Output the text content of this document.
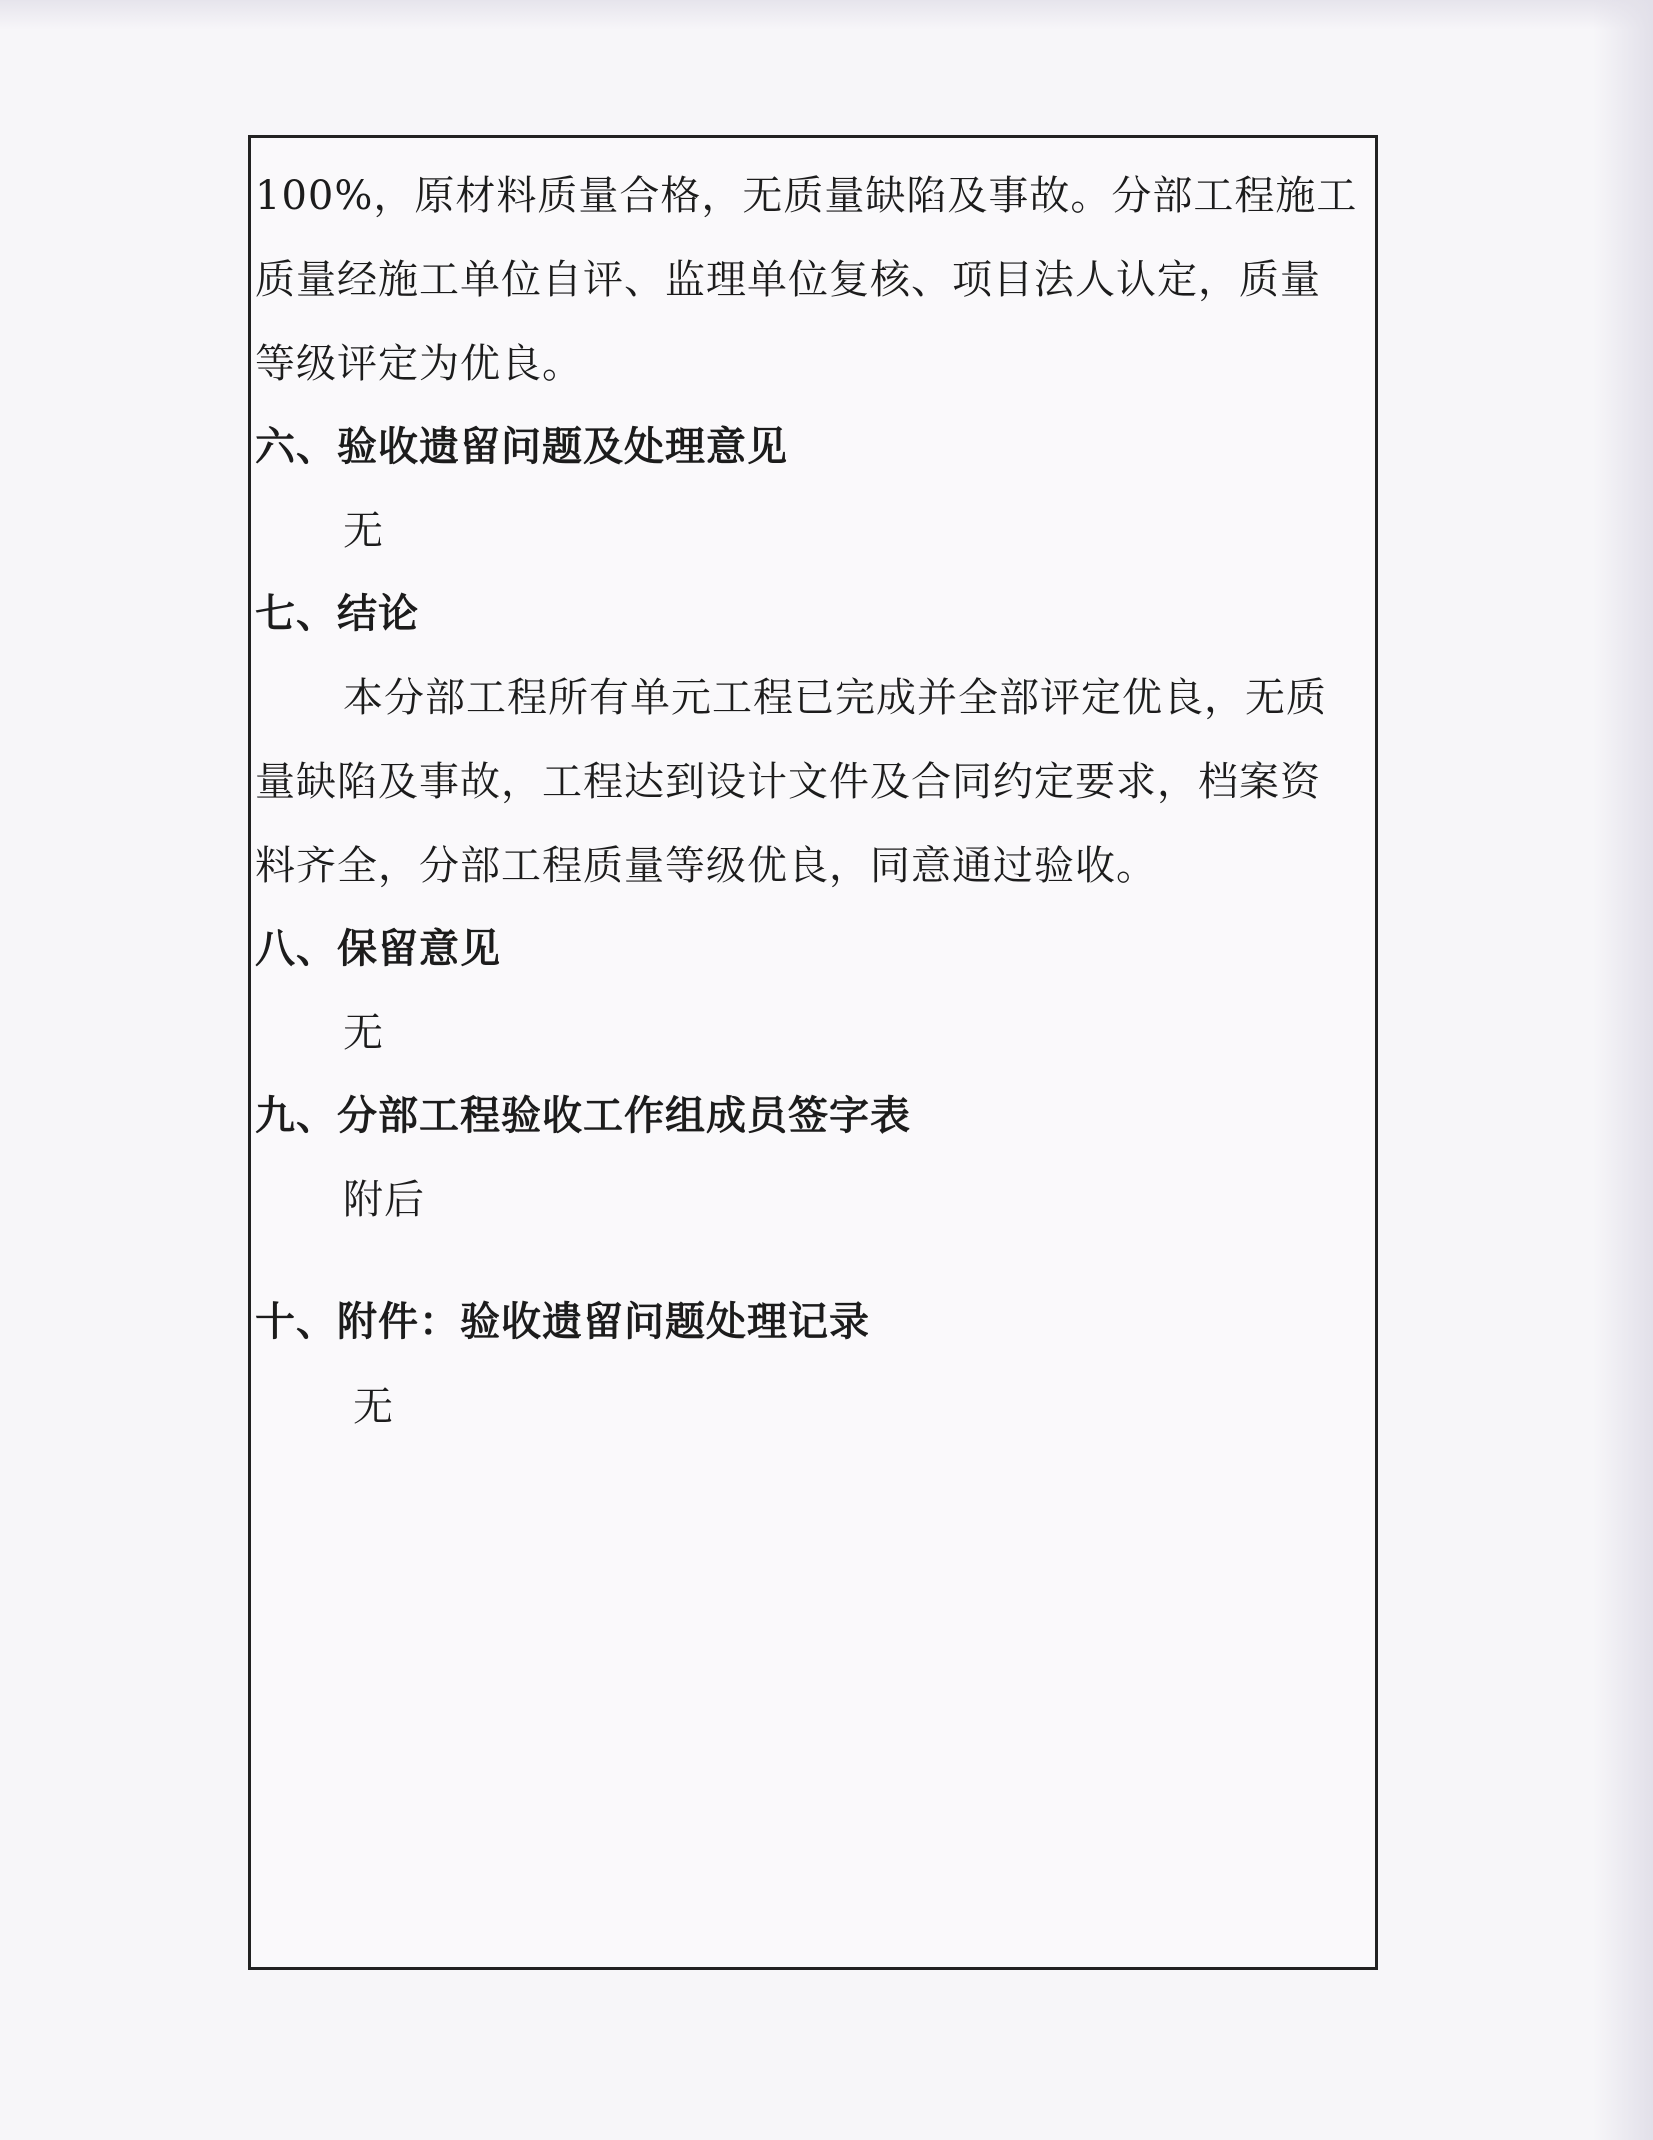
100%，原材料质量合格，无质量缺陷及事故。分部工程施工
质量经施工单位自评、监理单位复核、项目法人认定，质量
等级评定为优良。
六、验收遗留问题及处理意见
无
七、结论
本分部工程所有单元工程已完成并全部评定优良，无质
量缺陷及事故，工程达到设计文件及合同约定要求，档案资
料齐全，分部工程质量等级优良，同意通过验收。
八、保留意见
无
九、分部工程验收工作组成员签字表
附后
十、附件：验收遗留问题处理记录
无
